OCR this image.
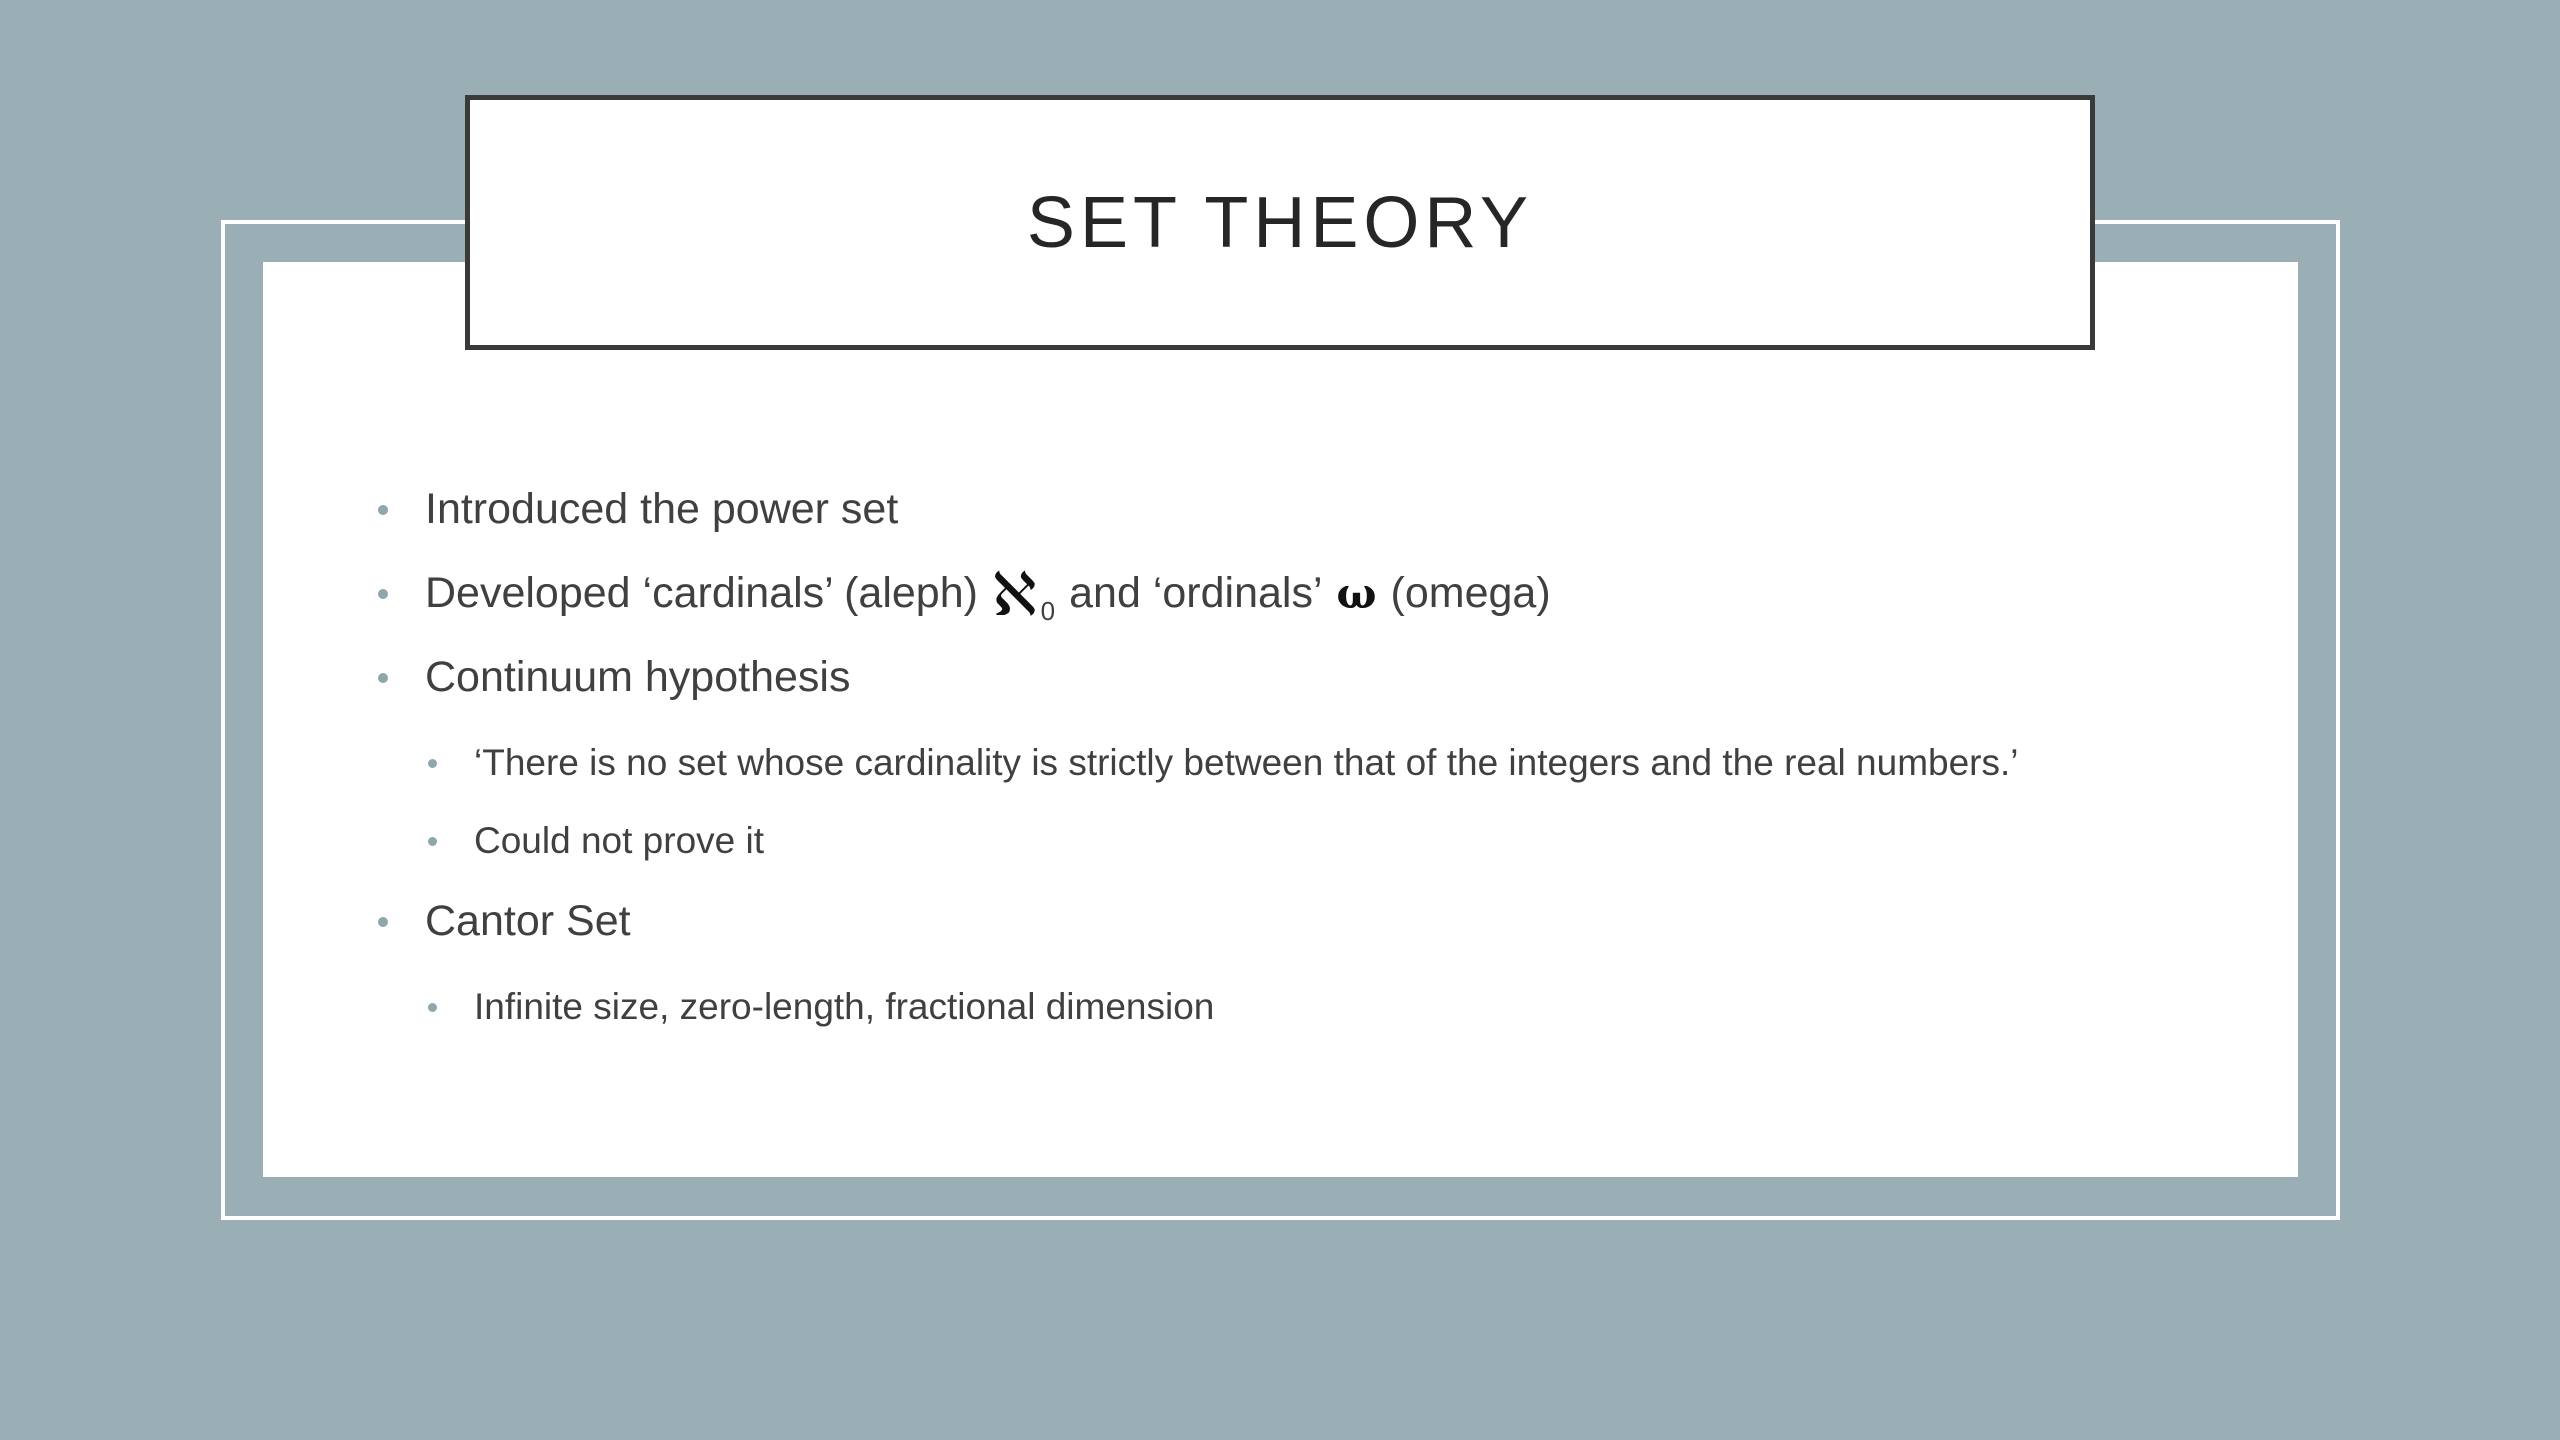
SET THEORY
Introduced the power set
Developed ‘cardinals’ (aleph) ℵ 0 and ‘ordinals’ ω (omega)
Continuum hypothesis
‘There is no set whose cardinality is strictly between that of the integers and the real numbers.’
Could not prove it
Cantor Set
Infinite size, zero-length, fractional dimension
